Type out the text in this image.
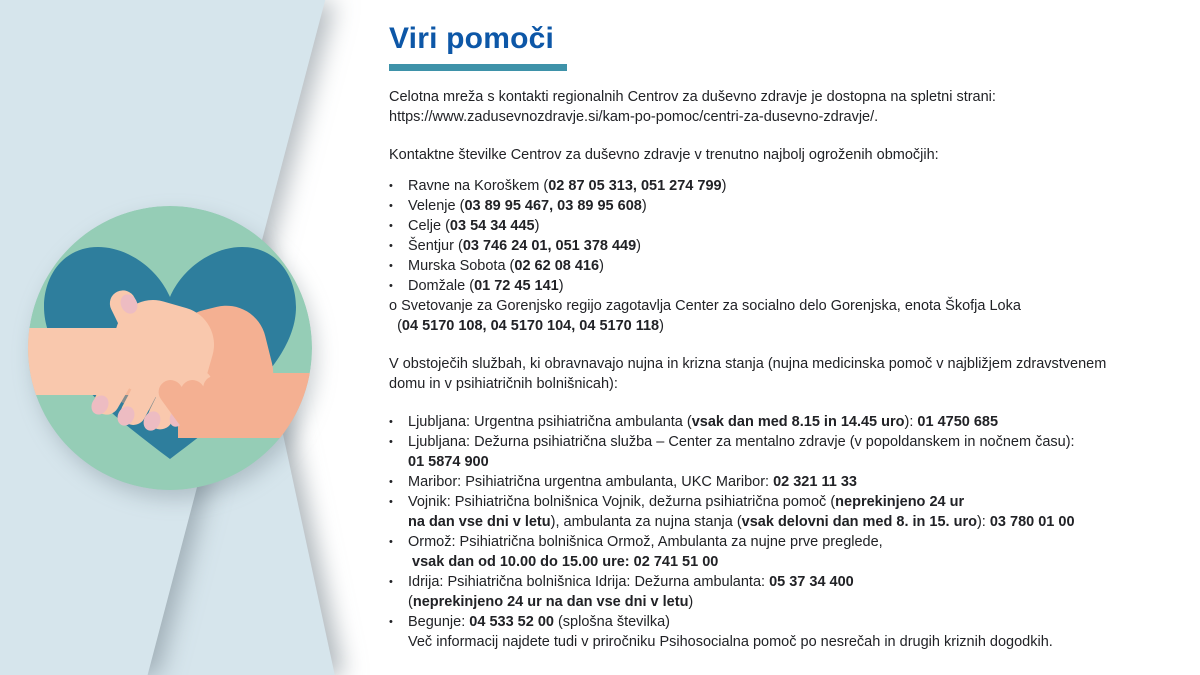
Viri pomoči
Celotna mreža s kontakti regionalnih Centrov za duševno zdravje je dostopna na spletni strani:
https://www.zadusevnozdravje.si/kam-po-pomoc/centri-za-dusevno-zdravje/.
Kontaktne številke Centrov za duševno zdravje v trenutno najbolj ogroženih območjih:
•	Ravne na Koroškem (02 87 05 313, 051 274 799)
•	Velenje (03 89 95 467, 03 89 95 608)
•	Celje (03 54 34 445)
•	Šentjur (03 746 24 01, 051 378 449)
•	Murska Sobota (02 62 08 416)
•	Domžale (01 72 45 141)
o Svetovanje za Gorenjsko regijo zagotavlja Center za socialno delo Gorenjska, enota Škofja Loka
(04 5170 108, 04 5170 104, 04 5170 118)
V obstoječih službah, ki obravnavajo nujna in krizna stanja (nujna medicinska pomoč v najbližjem zdravstvenem
domu in v psihiatričnih bolnišnicah):
•	Ljubljana: Urgentna psihiatrična ambulanta (vsak dan med 8.15 in 14.45 uro): 01 4750 685
•	Ljubljana: Dežurna psihiatrična služba – Center za mentalno zdravje (v popoldanskem in nočnem času):
01 5874 900
•	Maribor: Psihiatrična urgentna ambulanta, UKC Maribor: 02 321 11 33
•	Vojnik: Psihiatrična bolnišnica Vojnik, dežurna psihiatrična pomoč (neprekinjeno 24 ur
na dan vse dni v letu), ambulanta za nujna stanja (vsak delovni dan med 8. in 15. uro): 03 780 01 00
•	Ormož: Psihiatrična bolnišnica Ormož, Ambulanta za nujne prve preglede,
vsak dan od 10.00 do 15.00 ure: 02 741 51 00
•	Idrija: Psihiatrična bolnišnica Idrija: Dežurna ambulanta: 05 37 34 400
(neprekinjeno 24 ur na dan vse dni v letu)
•	Begunje: 04 533 52 00 (splošna številka)
Več informacij najdete tudi v priročniku Psihosocialna pomoč po nesrečah in drugih kriznih dogodkih.
